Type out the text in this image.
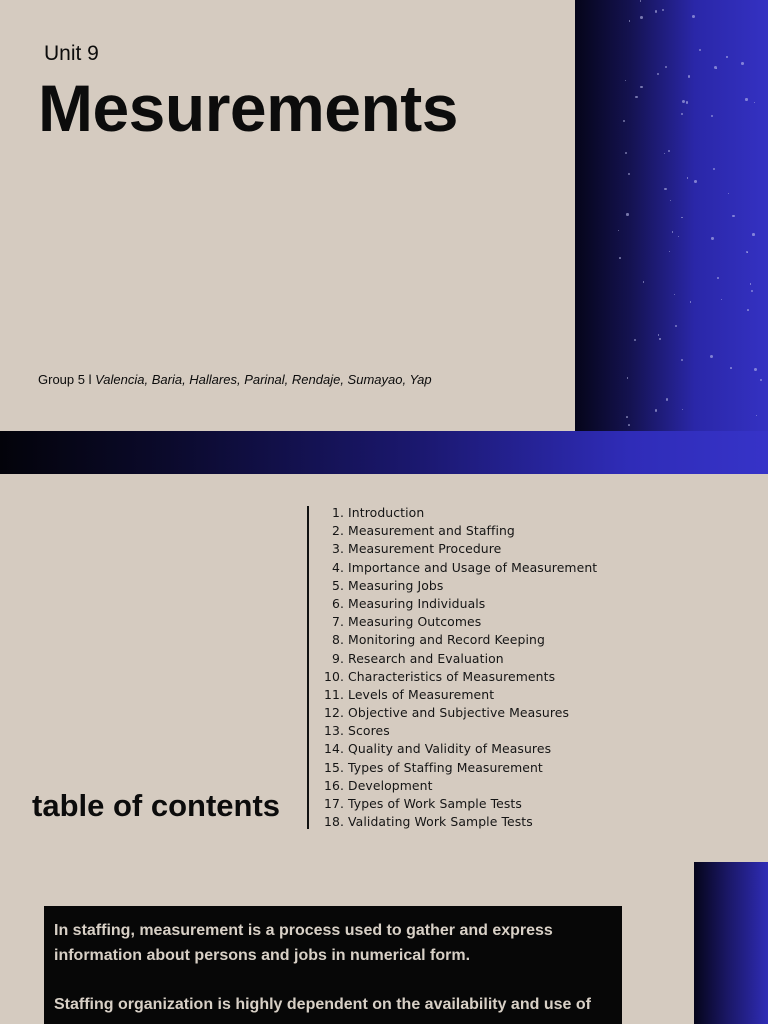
Unit 9
Mesurements

Group 5 l Valencia, Baria, Hallares, Parinal, Rendaje, Sumayao, Yap

table of contents
1. Introduction
2. Measurement and Staffing
3. Measurement Procedure
4. Importance and Usage of Measurement
5. Measuring Jobs
6. Measuring Individuals
7. Measuring Outcomes
8. Monitoring and Record Keeping
9. Research and Evaluation
10. Characteristics of Measurements
11. Levels of Measurement
12. Objective and Subjective Measures
13. Scores
14. Quality and Validity of Measures
15. Types of Staffing Measurement
16. Development
17. Types of Work Sample Tests
18. Validating Work Sample Tests

In staffing, measurement is a process used to gather and express information about persons and jobs in numerical form.

Staffing organization is highly dependent on the availability and use of
